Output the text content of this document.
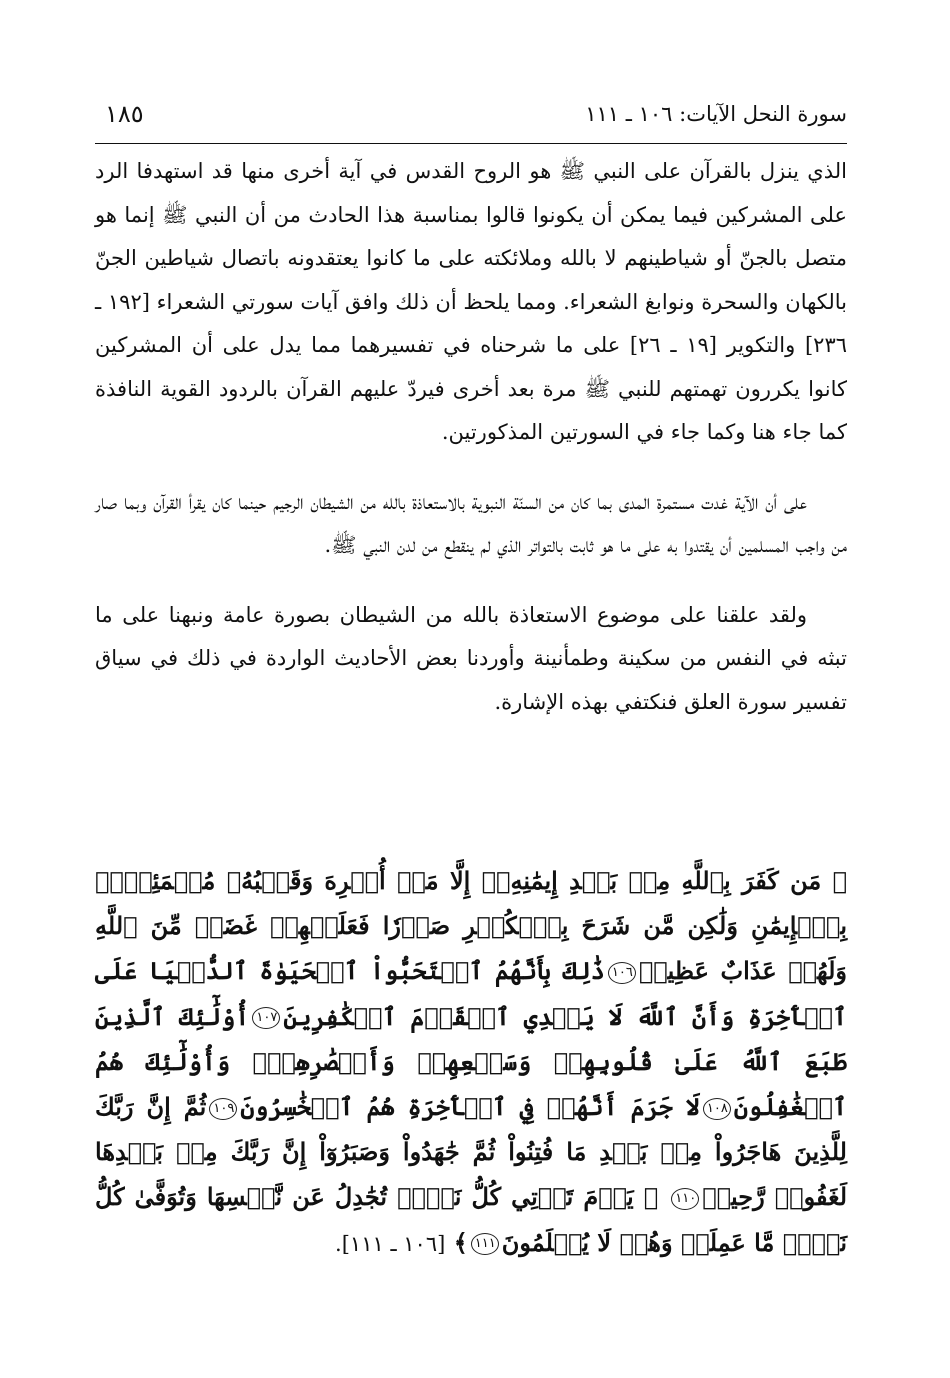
سورة النحل الآيات: ١٠٦ ـ ١١١
١٨٥

الذي ينزل بالقرآن على النبي ﷺ هو الروح القدس في آية أخرى منها قد استهدفا الرد على المشركين فيما يمكن أن يكونوا قالوا بمناسبة هذا الحادث من أن النبي ﷺ إنما هو متصل بالجنّ أو شياطينهم لا بالله وملائكته على ما كانوا يعتقدونه باتصال شياطين الجنّ بالكهان والسحرة ونوابغ الشعراء. ومما يلحظ أن ذلك وافق آيات سورتي الشعراء [١٩٢ ـ ٢٣٦] والتكوير [١٩ ـ ٢٦] على ما شرحناه في تفسيرهما مما يدل على أن المشركين كانوا يكررون تهمتهم للنبي ﷺ مرة بعد أخرى فيردّ عليهم القرآن بالردود القوية النافذة كما جاء هنا وكما جاء في السورتين المذكورتين.

على أن الآية غدت مستمرة المدى بما كان من السنّة النبوية بالاستعاذة بالله من الشيطان الرجيم حينما كان يقرأ القرآن وبما صار من واجب المسلمين أن يقتدوا به على ما هو ثابت بالتواتر الذي لم ينقطع من لدن النبي ﷺ.

ولقد علقنا على موضوع الاستعاذة بالله من الشيطان بصورة عامة ونبهنا على ما تبثه في النفس من سكينة وطمأنينة وأوردنا بعض الأحاديث الواردة في ذلك في سياق تفسير سورة العلق فنكتفي بهذه الإشارة.

﴿ مَن كَفَرَ بِٱللَّهِ مِنۢ بَعۡدِ إِيمَٰنِهِۦٓ إِلَّا مَنۡ أُكۡرِهَ وَقَلۡبُهُۥ مُطۡمَئِنُّۢ بِٱلۡإِيمَٰنِ وَلَٰكِن مَّن شَرَحَ بِٱلۡكُفۡرِ صَدۡرٗا فَعَلَيۡهِمۡ غَضَبٞ مِّنَ ٱللَّهِ وَلَهُمۡ عَذَابٌ عَظِيمٞ١٠٦ذَٰلِكَ بِأَنَّهُمُ ٱسۡتَحَبُّواْ ٱلۡحَيَوٰةَ ٱلدُّنۡيَا عَلَى ٱلۡأٓخِرَةِ وَأَنَّ ٱللَّهَ لَا يَهۡدِي ٱلۡقَوۡمَ ٱلۡكَٰفِرِينَ١٠٧أُوْلَٰٓئِكَ ٱلَّذِينَ طَبَعَ ٱللَّهُ عَلَىٰ قُلُوبِهِمۡ وَسَمۡعِهِمۡ وَأَبۡصَٰرِهِمۡۖ وَأُوْلَٰٓئِكَ هُمُ ٱلۡغَٰفِلُونَ١٠٨لَا جَرَمَ أَنَّهُمۡ فِي ٱلۡأٓخِرَةِ هُمُ ٱلۡخَٰسِرُونَ١٠٩ثُمَّ إِنَّ رَبَّكَ لِلَّذِينَ هَاجَرُواْ مِنۢ بَعۡدِ مَا فُتِنُواْ ثُمَّ جَٰهَدُواْ وَصَبَرُوٓاْ إِنَّ رَبَّكَ مِنۢ بَعۡدِهَا لَغَفُورٞ رَّحِيمٞ١١٠ ۞ يَوۡمَ تَأۡتِي كُلُّ نَفۡسٖ تُجَٰدِلُ عَن نَّفۡسِهَا وَتُوَفَّىٰ كُلُّ نَفۡسٖ مَّا عَمِلَتۡ وَهُمۡ لَا يُظۡلَمُونَ١١١﴾ [١٠٦ ـ ١١١].
